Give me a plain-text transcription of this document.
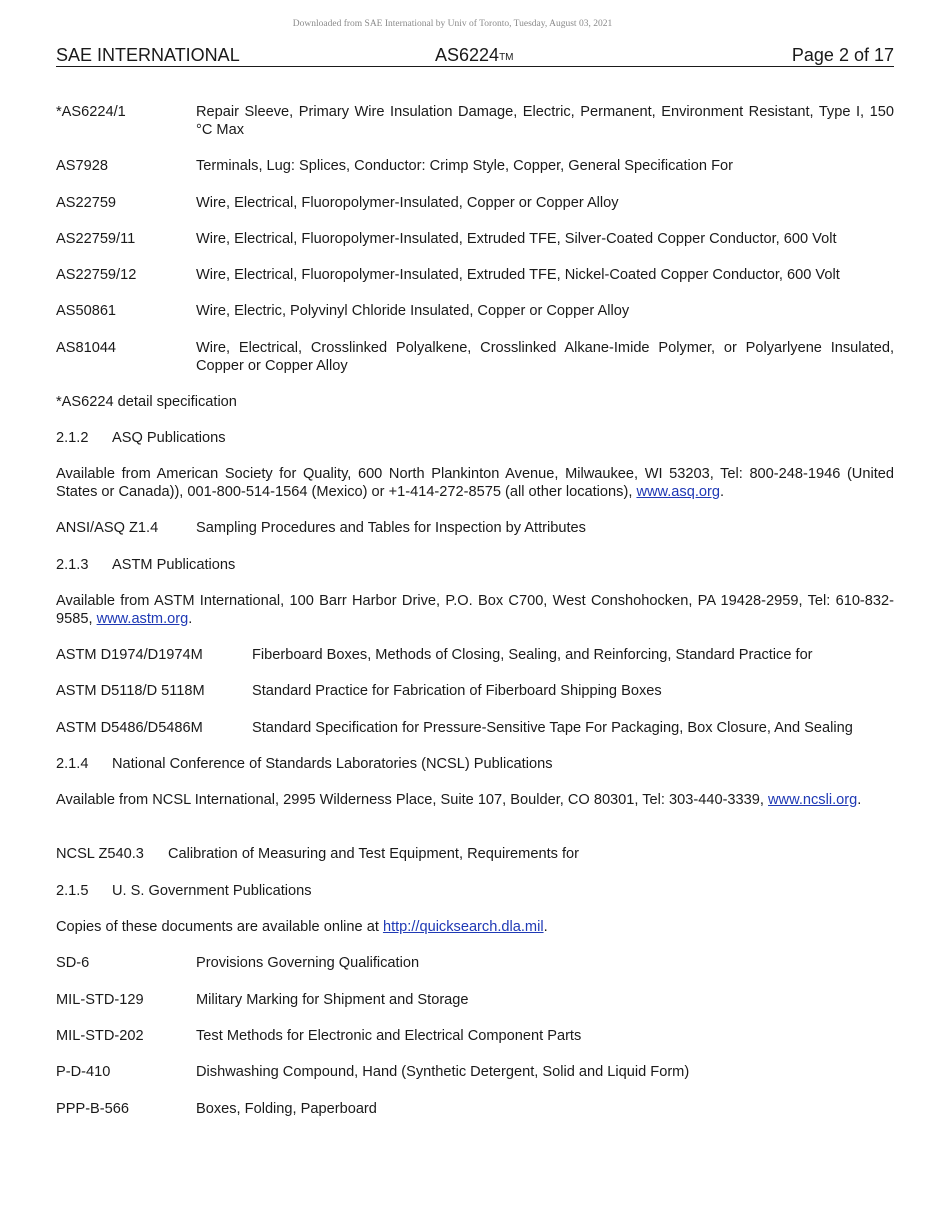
Downloaded from SAE International by Univ of Toronto, Tuesday, August 03, 2021
SAE INTERNATIONAL	AS6224TM	Page 2 of 17
*AS6224/1	Repair Sleeve, Primary Wire Insulation Damage, Electric, Permanent, Environment Resistant, Type I, 150 °C Max
AS7928	Terminals, Lug: Splices, Conductor: Crimp Style, Copper, General Specification For
AS22759	Wire, Electrical, Fluoropolymer-Insulated, Copper or Copper Alloy
AS22759/11	Wire, Electrical, Fluoropolymer-Insulated, Extruded TFE, Silver-Coated Copper Conductor, 600 Volt
AS22759/12	Wire, Electrical, Fluoropolymer-Insulated, Extruded TFE, Nickel-Coated Copper Conductor, 600 Volt
AS50861	Wire, Electric, Polyvinyl Chloride Insulated, Copper or Copper Alloy
AS81044	Wire, Electrical, Crosslinked Polyalkene, Crosslinked Alkane-Imide Polymer, or Polyarlyene Insulated, Copper or Copper Alloy
*AS6224 detail specification
2.1.2 ASQ Publications
Available from American Society for Quality, 600 North Plankinton Avenue, Milwaukee, WI 53203, Tel: 800-248-1946 (United States or Canada)), 001-800-514-1564 (Mexico) or +1-414-272-8575 (all other locations), www.asq.org.
ANSI/ASQ Z1.4	Sampling Procedures and Tables for Inspection by Attributes
2.1.3 ASTM Publications
Available from ASTM International, 100 Barr Harbor Drive, P.O. Box C700, West Conshohocken, PA 19428-2959, Tel: 610-832-9585, www.astm.org.
ASTM D1974/D1974M	Fiberboard Boxes, Methods of Closing, Sealing, and Reinforcing, Standard Practice for
ASTM D5118/D 5118M	Standard Practice for Fabrication of Fiberboard Shipping Boxes
ASTM D5486/D5486M	Standard Specification for Pressure-Sensitive Tape For Packaging, Box Closure, And Sealing
2.1.4 National Conference of Standards Laboratories (NCSL) Publications
Available from NCSL International, 2995 Wilderness Place, Suite 107, Boulder, CO 80301, Tel: 303-440-3339, www.ncsli.org.
NCSL Z540.3 Calibration of Measuring and Test Equipment, Requirements for
2.1.5 U. S. Government Publications
Copies of these documents are available online at http://quicksearch.dla.mil.
SD-6	Provisions Governing Qualification
MIL-STD-129	Military Marking for Shipment and Storage
MIL-STD-202	Test Methods for Electronic and Electrical Component Parts
P-D-410	Dishwashing Compound, Hand (Synthetic Detergent, Solid and Liquid Form)
PPP-B-566	Boxes, Folding, Paperboard
